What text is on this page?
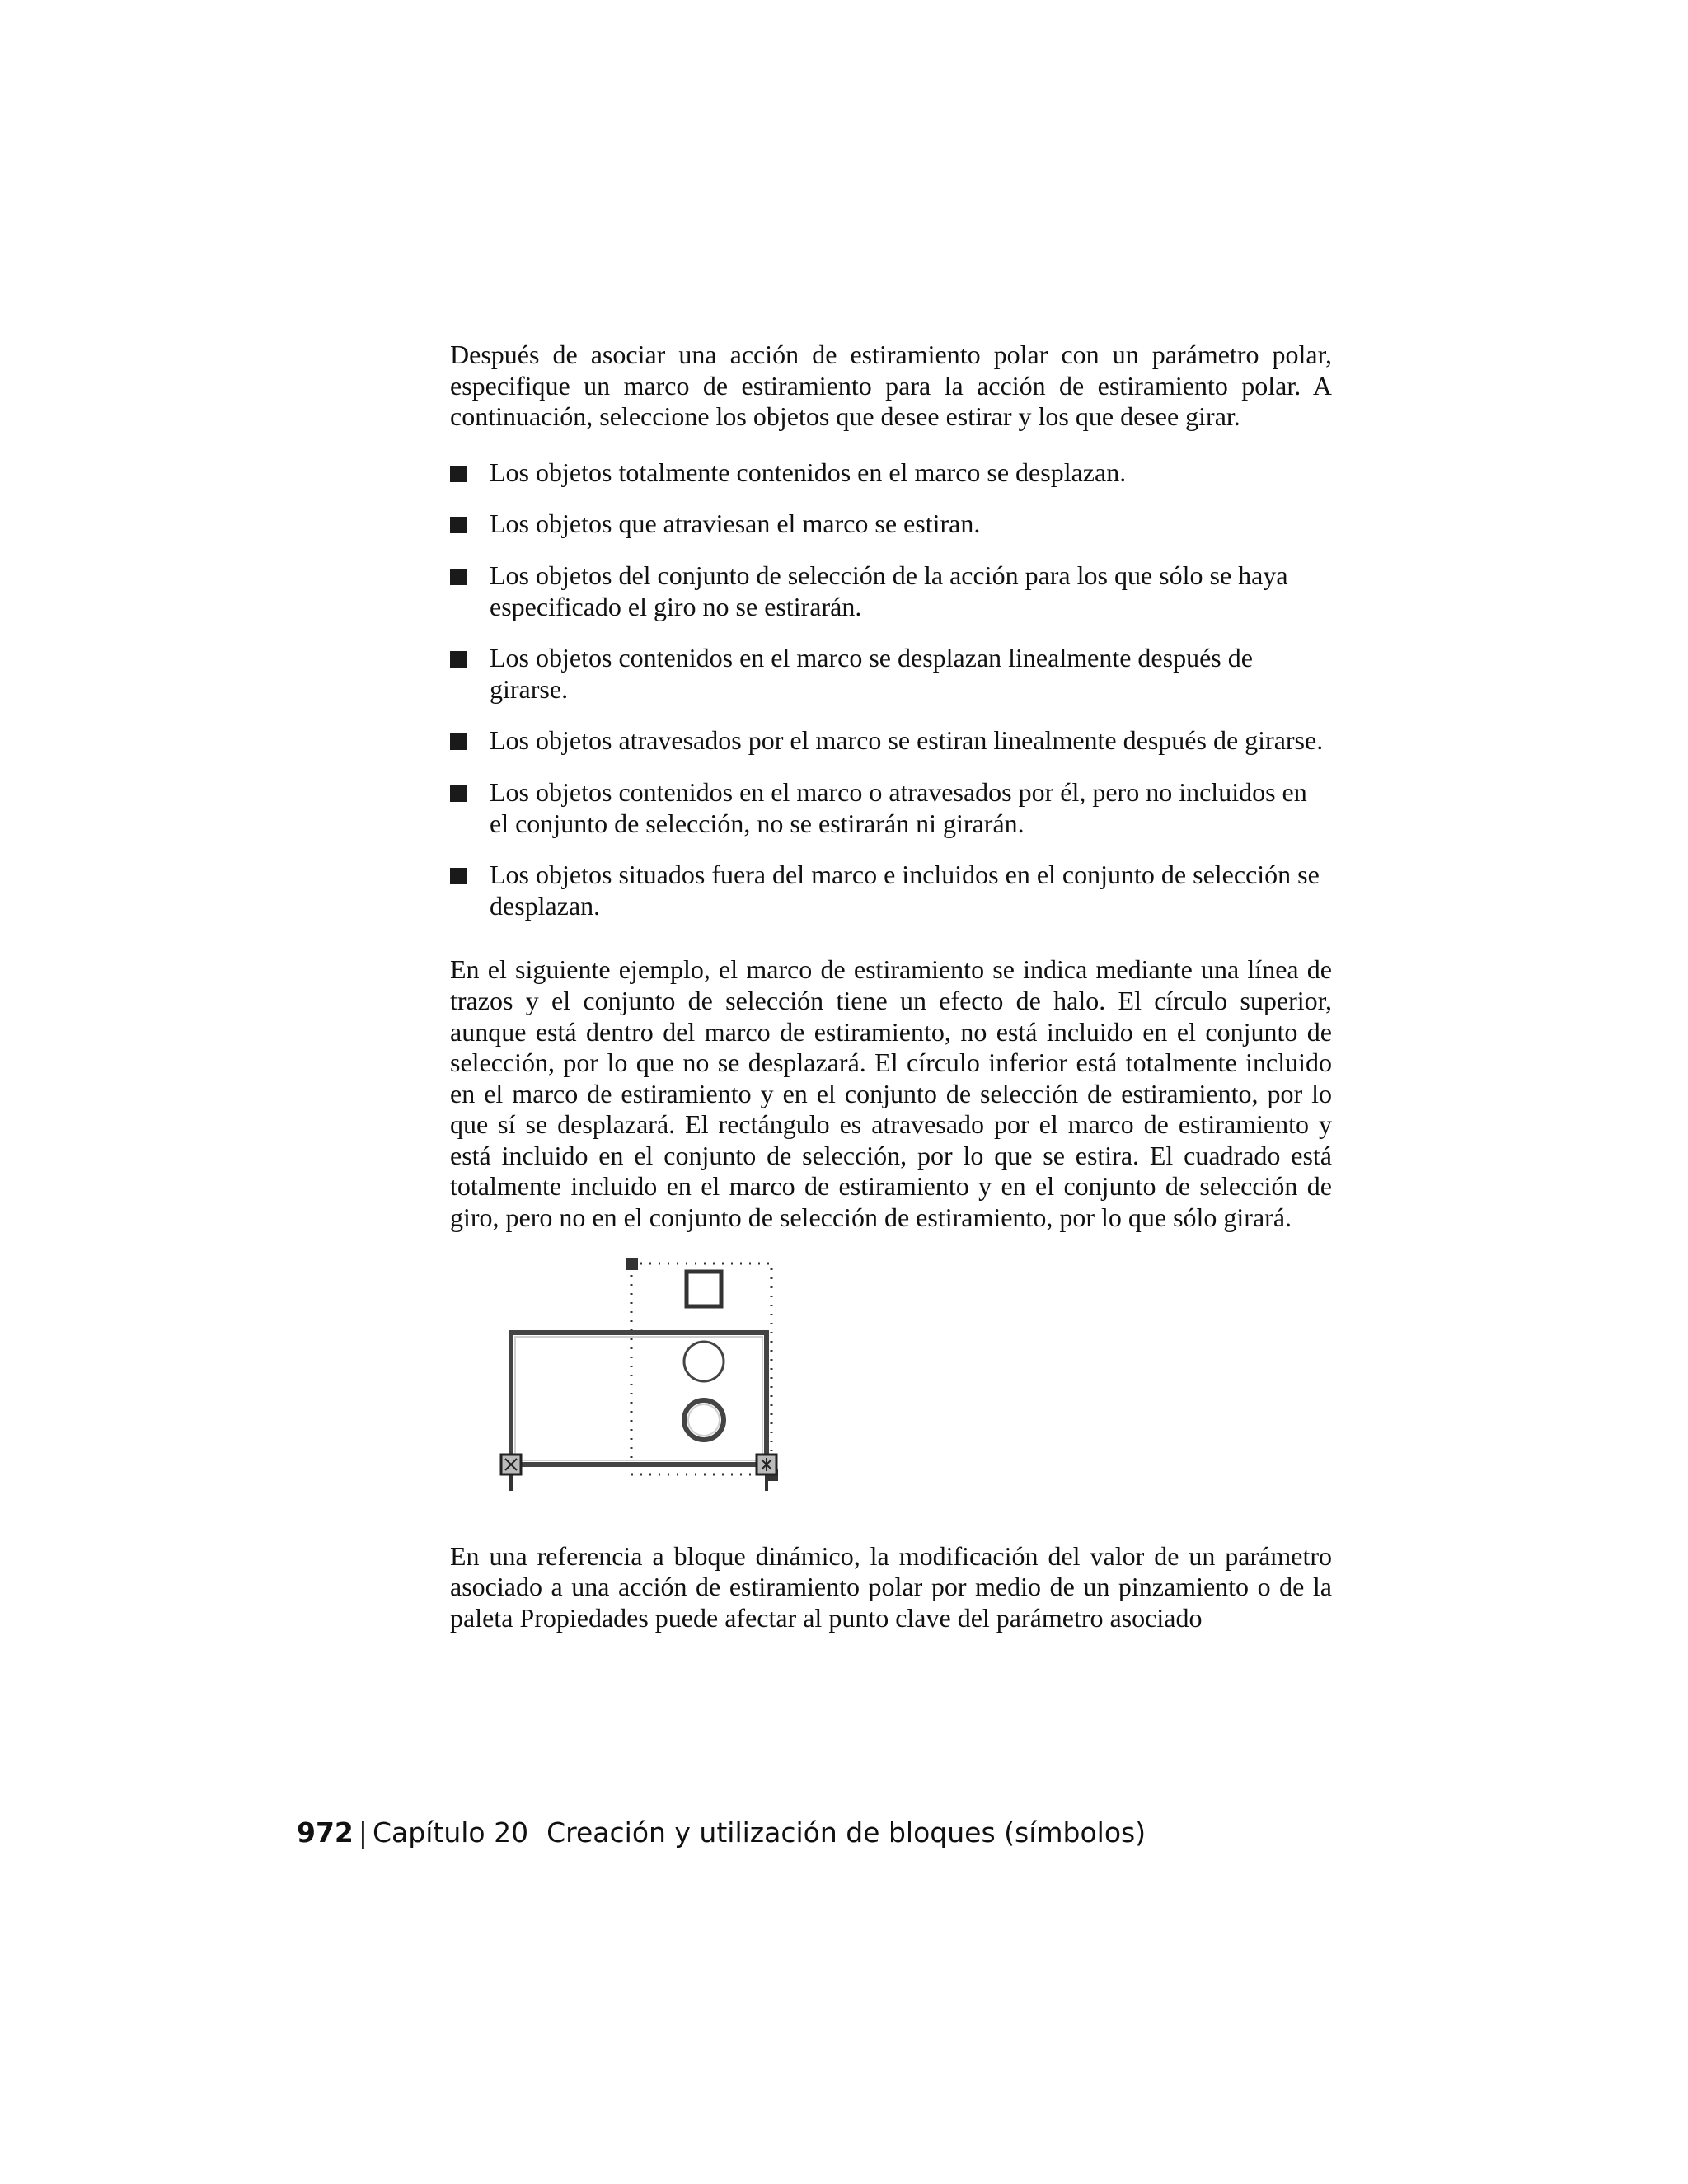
Después de asociar una acción de estiramiento polar con un parámetro polar, especifique un marco de estiramiento para la acción de estiramiento polar. A continuación, seleccione los objetos que desee estirar y los que desee girar.

Los objetos totalmente contenidos en el marco se desplazan.
Los objetos que atraviesan el marco se estiran.
Los objetos del conjunto de selección de la acción para los que sólo se haya especificado el giro no se estirarán.
Los objetos contenidos en el marco se desplazan linealmente después de girarse.
Los objetos atravesados por el marco se estiran linealmente después de girarse.
Los objetos contenidos en el marco o atravesados por él, pero no incluidos en el conjunto de selección, no se estirarán ni girarán.
Los objetos situados fuera del marco e incluidos en el conjunto de selección se desplazan.

En el siguiente ejemplo, el marco de estiramiento se indica mediante una línea de trazos y el conjunto de selección tiene un efecto de halo. El círculo superior, aunque está dentro del marco de estiramiento, no está incluido en el conjunto de selección, por lo que no se desplazará. El círculo inferior está totalmente incluido en el marco de estiramiento y en el conjunto de selección de estiramiento, por lo que sí se desplazará. El rectángulo es atravesado por el marco de estiramiento y está incluido en el conjunto de selección, por lo que se estira. El cuadrado está totalmente incluido en el marco de estiramiento y en el conjunto de selección de giro, pero no en el conjunto de selección de estiramiento, por lo que sólo girará.

En una referencia a bloque dinámico, la modificación del valor de un parámetro asociado a una acción de estiramiento polar por medio de un pinzamiento o de la paleta Propiedades puede afectar al punto clave del parámetro asociado

972 | Capítulo 20 Creación y utilización de bloques (símbolos)
